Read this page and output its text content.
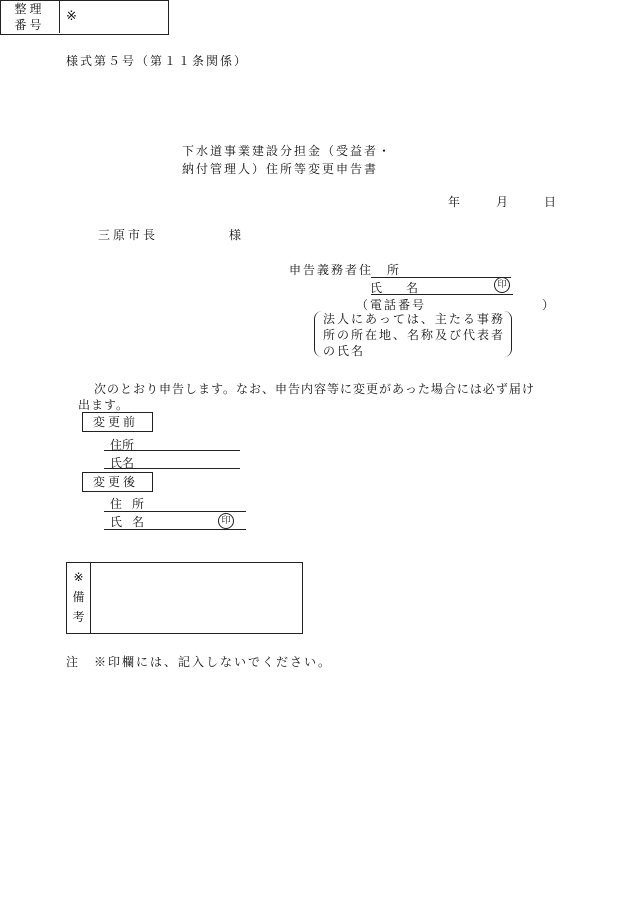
様式第５号（第１１条関係）
整理
番号
※
下水道事業建設分担金（受益者・
納付管理人）住所等変更申告書
年	月	日
三原市長	様
申告義務者住　所
氏 名	印
（電話番号	）
法人にあっては、主たる事務所の所在地、名称及び代表者の氏名
次のとおり申告します。なお、申告内容等に変更があった場合には必ず届け
出ます。
変更前
住所
氏名
変更後
住所
氏名	印
※
備
考
注　※印欄には、記入しないでください。
